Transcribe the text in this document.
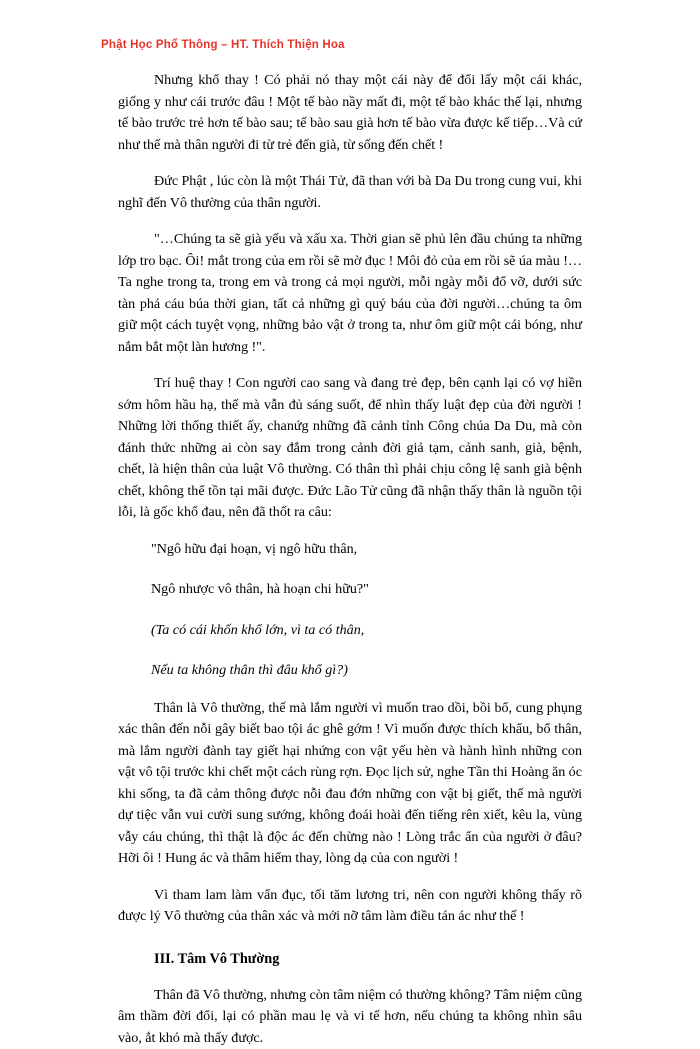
Phật Học Phổ Thông – HT. Thích Thiện Hoa

Nhưng khổ thay ! Có phải nó thay một cái này để đổi lấy một cái khác, giống y như cái trước đâu ! Một tế bào nầy mất đi, một tế bào khác thế lại, nhưng tế bào trước trẻ hơn tế bào sau; tế bào sau già hơn tế bào vừa được kế tiếp…Và cứ như thế mà thân người đi từ trẻ đến già, từ sống đến chết !

Đức Phật , lúc còn là một Thái Tử, đã than với bà Da Du trong cung vui, khi nghĩ đến Vô thường của thân người.

"…Chúng ta sẽ già yếu và xấu xa. Thời gian sẽ phủ lên đầu chúng ta những lớp tro bạc. Ôi! mắt trong của em rồi sẽ mờ đục ! Môi đỏ của em rồi sẽ úa màu !…Ta nghe trong ta, trong em và trong cả mọi người, mỗi ngày mỗi đổ vỡ, dưới sức tàn phá cáu búa thời gian, tất cả những gì quý báu của đời người…chúng ta ôm giữ một cách tuyệt vọng, những bảo vật ở trong ta, như ôm giữ một cái bóng, như nắm bắt một làn hương !".

Trí huệ thay ! Con người cao sang và đang trẻ đẹp, bên cạnh lại có vợ hiền sớm hôm hầu hạ, thế mà vẫn đủ sáng suốt, để nhìn thấy luật đẹp của đời người ! Những lời thống thiết ấy, chanứg những đã cảnh tỉnh Công chúa Da Du, mà còn đánh thức những ai còn say đắm trong cảnh đời giả tạm, cảnh sanh, già, bệnh, chết, là hiện thân của luật Vô thường. Có thân thì phải chịu công lệ sanh già bệnh chết, không thể tồn tại mãi được. Đức Lão Tử cũng đã nhận thấy thân là nguồn tội lỗi, là gốc khổ đau, nên đã thốt ra câu:

"Ngô hữu đại hoạn, vị ngô hữu thân,
Ngô nhược vô thân, hà hoạn chi hữu?"
(Ta có cái khốn khổ lớn, vì ta có thân,
Nếu ta không thân thì đâu khổ gì?)

Thân là Vô thường, thế mà lắm người vì muốn trao dồi, bồi bổ, cung phụng xác thân đến nỗi gây biết bao tội ác ghê gớm ! Vì muốn được thích khẩu, bổ thân, mà lắm người đành tay giết hại nhứng con vật yếu hèn và hành hình những con vật vô tội trước khi chết một cách rùng rợn. Đọc lịch sử, nghe Tần thi Hoàng ăn óc khi sống, ta đã cảm thông được nỗi đau đớn những con vật bị giết, thế mà người dự tiệc vẫn vui cười sung sướng, không đoái hoài đến tiếng rên xiết, kêu la, vùng vẫy cáu chúng, thì thật là độc ác đến chừng nào ! Lòng trắc ẩn của người ở đâu? Hỡi ôi ! Hung ác và thâm hiểm thay, lòng dạ của con người !

Vì tham lam làm vẩn đục, tối tăm lương tri, nên con người không thấy rõ được lý Vô thường của thân xác và mới nỡ tâm làm điều tán ác như thế !

III. Tâm Vô Thường

Thân đã Vô thường, nhưng còn tâm niệm có thường không? Tâm niệm cũng âm thầm đời đổi, lại có phần mau lẹ và vi tế hơn, nếu chúng ta không nhìn sâu vào, ắt khó mà thấy được.
